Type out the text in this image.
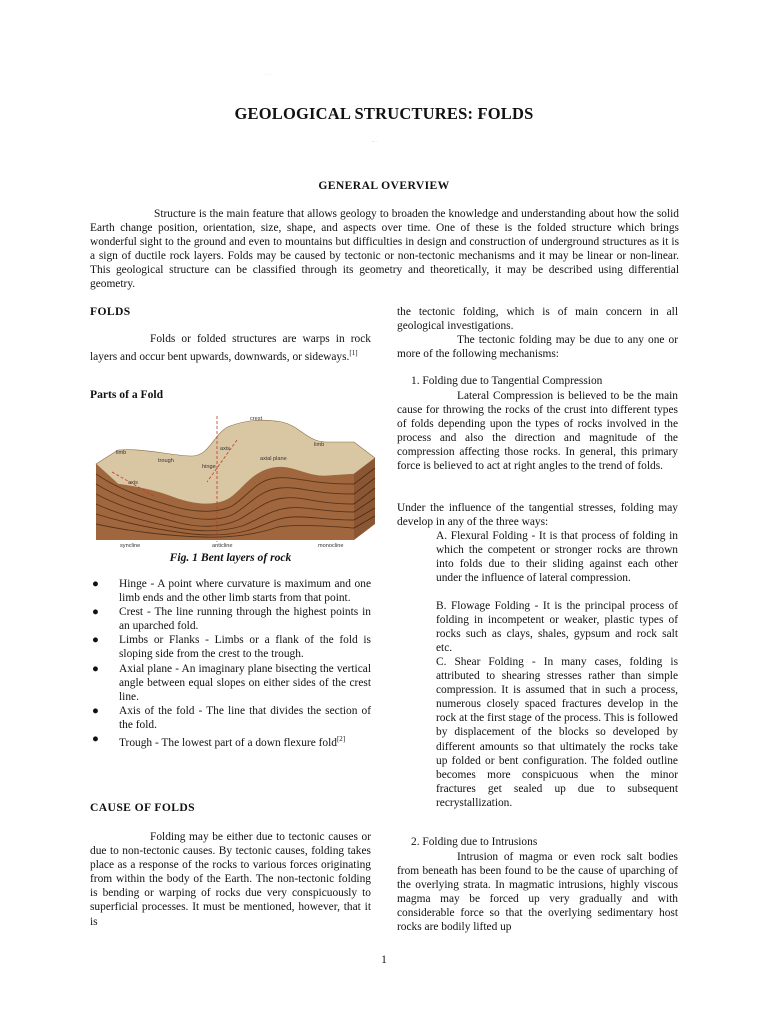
· · ·
-- ·
GEOLOGICAL STRUCTURES: FOLDS
GENERAL OVERVIEW

Structure is the main feature that allows geology to broaden the knowledge and understanding about how the solid Earth change position, orientation, size, shape, and aspects over time. One of these is the folded structure which brings wonderful sight to the ground and even to mountains but difficulties in design and construction of underground structures as it is a sign of ductile rock layers. Folds may be caused by tectonic or non-tectonic mechanisms and it may be linear or non-linear. This geological structure can be classified through its geometry and theoretically, it may be described using differential geometry.

FOLDS

Folds or folded structures are warps in rock layers and occur bent upwards, downwards, or sideways.[1]

Parts of a Fold
crest
limb
limb
axis
axis
trough
hinge
axial plane
syncline	anticline	monocline
Fig. 1 Bent layers of rock
● Hinge - A point where curvature is maximum and one limb ends and the other limb starts from that point.
● Crest - The line running through the highest points in an uparched fold.
● Limbs or Flanks - Limbs or a flank of the fold is sloping side from the crest to the trough.
● Axial plane - An imaginary plane bisecting the vertical angle between equal slopes on either sides of the crest line.
● Axis of the fold - The line that divides the section of the fold.
● Trough - The lowest part of a down flexure fold[2]
CAUSE OF FOLDS

Folding may be either due to tectonic causes or due to non-tectonic causes. By tectonic causes, folding takes place as a response of the rocks to various forces originating from within the body of the Earth. The non-tectonic folding is bending or warping of rocks due very conspicuously to superficial processes. It must be mentioned, however, that it is

the tectonic folding, which is of main concern in all geological investigations.

The tectonic folding may be due to any one or more of the following mechanisms:

1. Folding due to Tangential Compression

Lateral Compression is believed to be the main cause for throwing the rocks of the crust into different types of folds depending upon the types of rocks involved in the process and also the direction and magnitude of the compression affecting those rocks. In general, this primary force is believed to act at right angles to the trend of folds.

Under the influence of the tangential stresses, folding may develop in any of the three ways:

A. Flexural Folding - It is that process of folding in which the competent or stronger rocks are thrown into folds due to their sliding against each other under the influence of lateral compression.

B. Flowage Folding - It is the principal process of folding in incompetent or weaker, plastic types of rocks such as clays, shales, gypsum and rock salt etc.

C. Shear Folding - In many cases, folding is attributed to shearing stresses rather than simple compression. It is assumed that in such a process, numerous closely spaced fractures develop in the rock at the first stage of the process. This is followed by displacement of the blocks so developed by different amounts so that ultimately the rocks take up folded or bent configuration. The folded outline becomes more conspicuous when the minor fractures get sealed up due to subsequent recrystallization.

2. Folding due to Intrusions

Intrusion of magma or even rock salt bodies from beneath has been found to be the cause of uparching of the overlying strata. In magmatic intrusions, highly viscous magma may be forced up very gradually and with considerable force so that the overlying sedimentary host rocks are bodily lifted up

1
